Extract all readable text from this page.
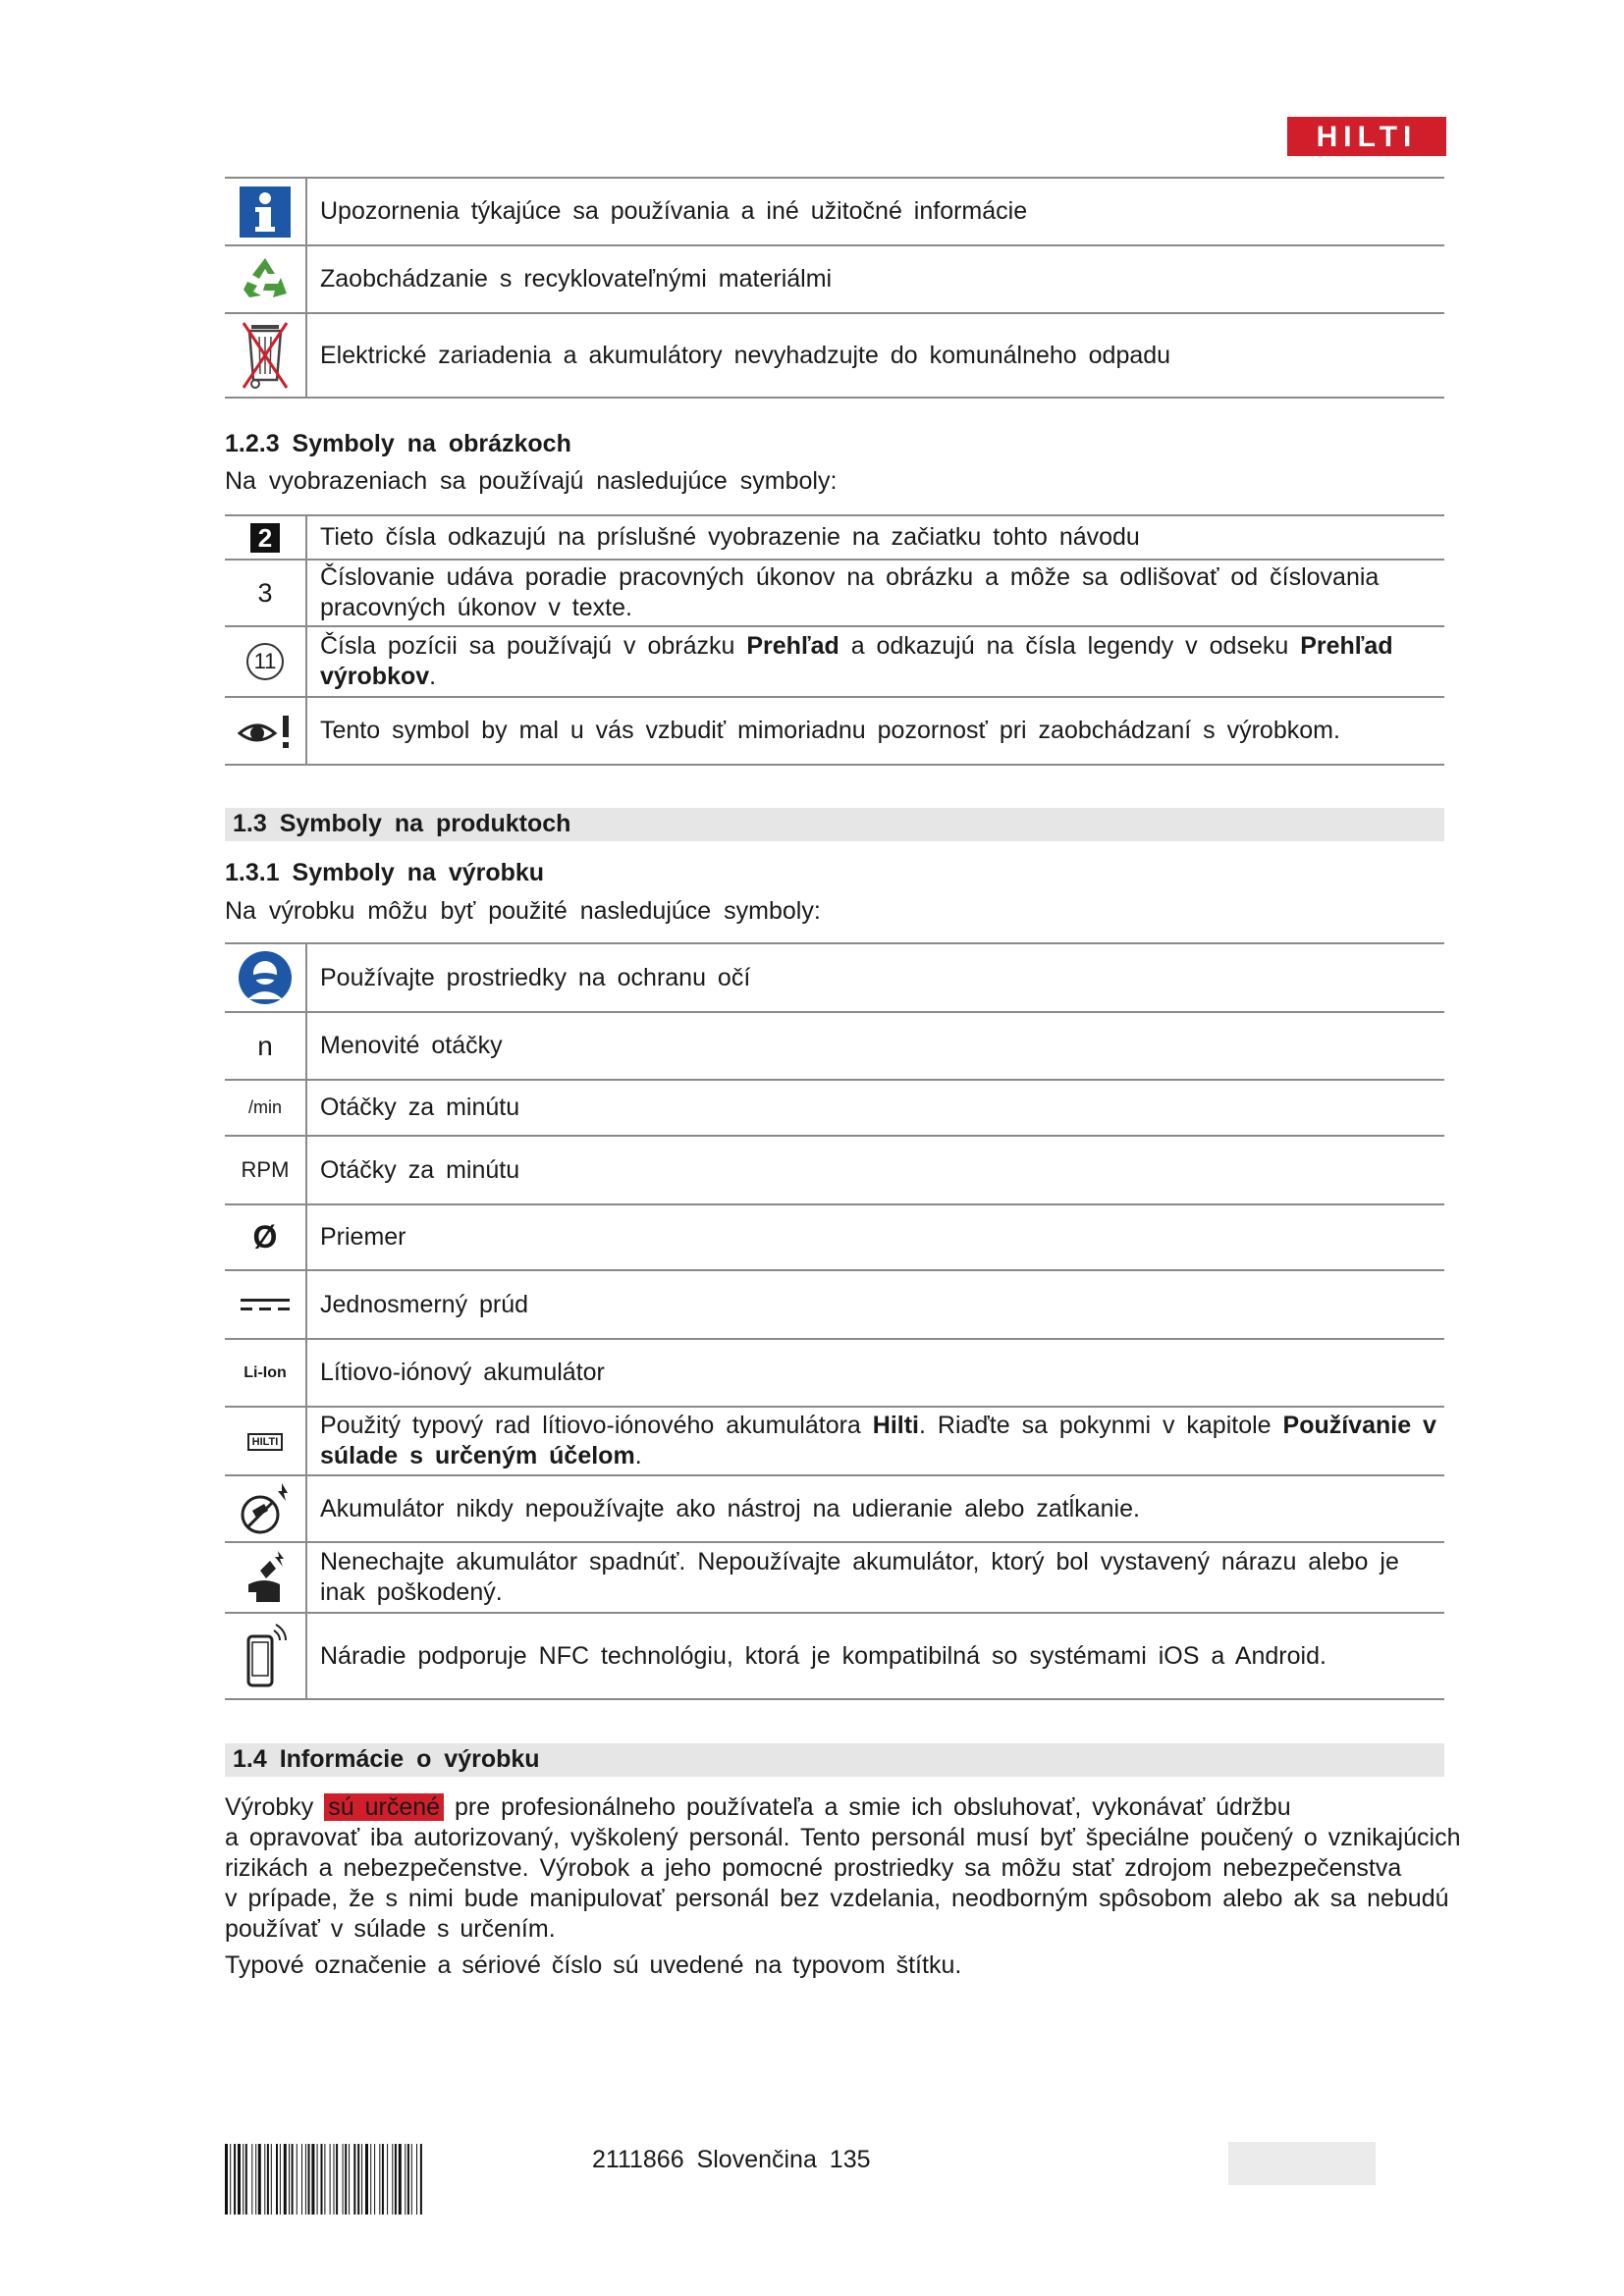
HILTI
	Upozornenia týkajúce sa používania a iné užitočné informácie

	Zaobchádzanie s recyklovateľnými materiálmi

	Elektrické zariadenia a akumulátory nevyhadzujte do komunálneho odpadu
1.2.3 Symboly na obrázkoch
Na vyobrazeniach sa používajú nasledujúce symboly:
2	Tieto čísla odkazujú na príslušné vyobrazenie na začiatku tohto návodu
3	Číslovanie udáva poradie pracovných úkonov na obrázku a môže sa odlišovať od číslovania pracovných úkonov v texte.
11	Čísla pozícii sa používajú v obrázku Prehľad a odkazujú na čísla legendy v odseku Prehľad výrobkov.

	Tento symbol by mal u vás vzbudiť mimoriadnu pozornosť pri zaobchádzaní s výrobkom.
1.3 Symboly na produktoch
1.3.1 Symboly na výrobku
Na výrobku môžu byť použité nasledujúce symboly:
	Používajte prostriedky na ochranu očí
n	Menovité otáčky
/min	Otáčky za minútu
RPM	Otáčky za minútu
Ø	Priemer

	Jednosmerný prúd
Li-Ion	Lítiovo-iónový akumulátor
HILTI	Použitý typový rad lítiovo-iónového akumulátora Hilti. Riaďte sa pokynmi v kapitole Používanie v súlade s určeným účelom.

	Akumulátor nikdy nepoužívajte ako nástroj na udieranie alebo zatĺkanie.

	Nenechajte akumulátor spadnúť. Nepoužívajte akumulátor, ktorý bol vystavený nárazu alebo je inak poškodený.

	Náradie podporuje NFC technológiu, ktorá je kompatibilná so systémami iOS a Android.
1.4 Informácie o výrobku
Výrobky sú určené pre profesionálneho používateľa a smie ich obsluhovať, vykonávať údržbu
a opravovať iba autorizovaný, vyškolený personál. Tento personál musí byť špeciálne poučený o vznikajúcich
rizikách a nebezpečenstve. Výrobok a jeho pomocné prostriedky sa môžu stať zdrojom nebezpečenstva
v prípade, že s nimi bude manipulovať personál bez vzdelania, neodborným spôsobom alebo ak sa nebudú
používať v súlade s určením.
Typové označenie a sériové číslo sú uvedené na typovom štítku.
2111866 Slovenčina 135
